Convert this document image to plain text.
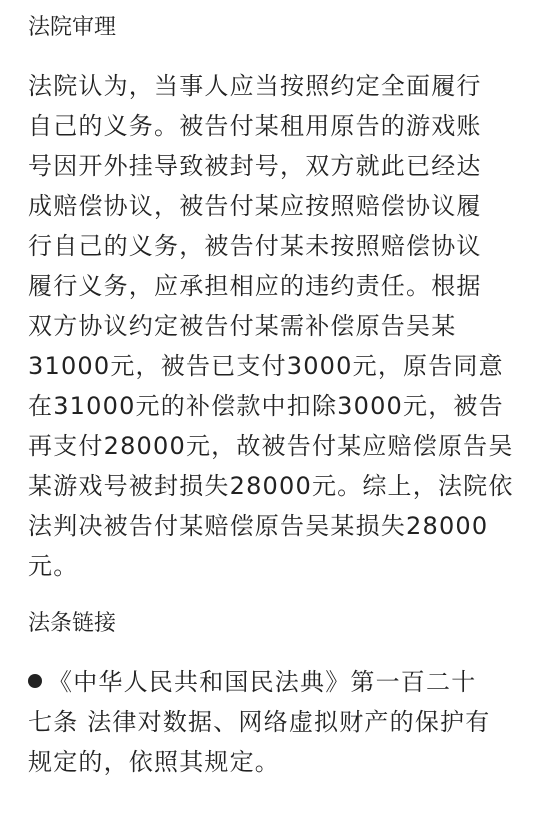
法院审理

法院认为，当事人应当按照约定全面履行
自己的义务。被告付某租用原告的游戏账
号因开外挂导致被封号，双方就此已经达
成赔偿协议，被告付某应按照赔偿协议履
行自己的义务，被告付某未按照赔偿协议
履行义务，应承担相应的违约责任。根据
双方协议约定被告付某需补偿原告吴某
31000元，被告已支付3000元，原告同意
在31000元的补偿款中扣除3000元，被告
再支付28000元，故被告付某应赔偿原告吴
某游戏号被封损失28000元。综上，法院依
法判决被告付某赔偿原告吴某损失28000
元。

法条链接

《中华人民共和国民法典》第一百二十
七条 法律对数据、网络虚拟财产的保护有
规定的，依照其规定。
